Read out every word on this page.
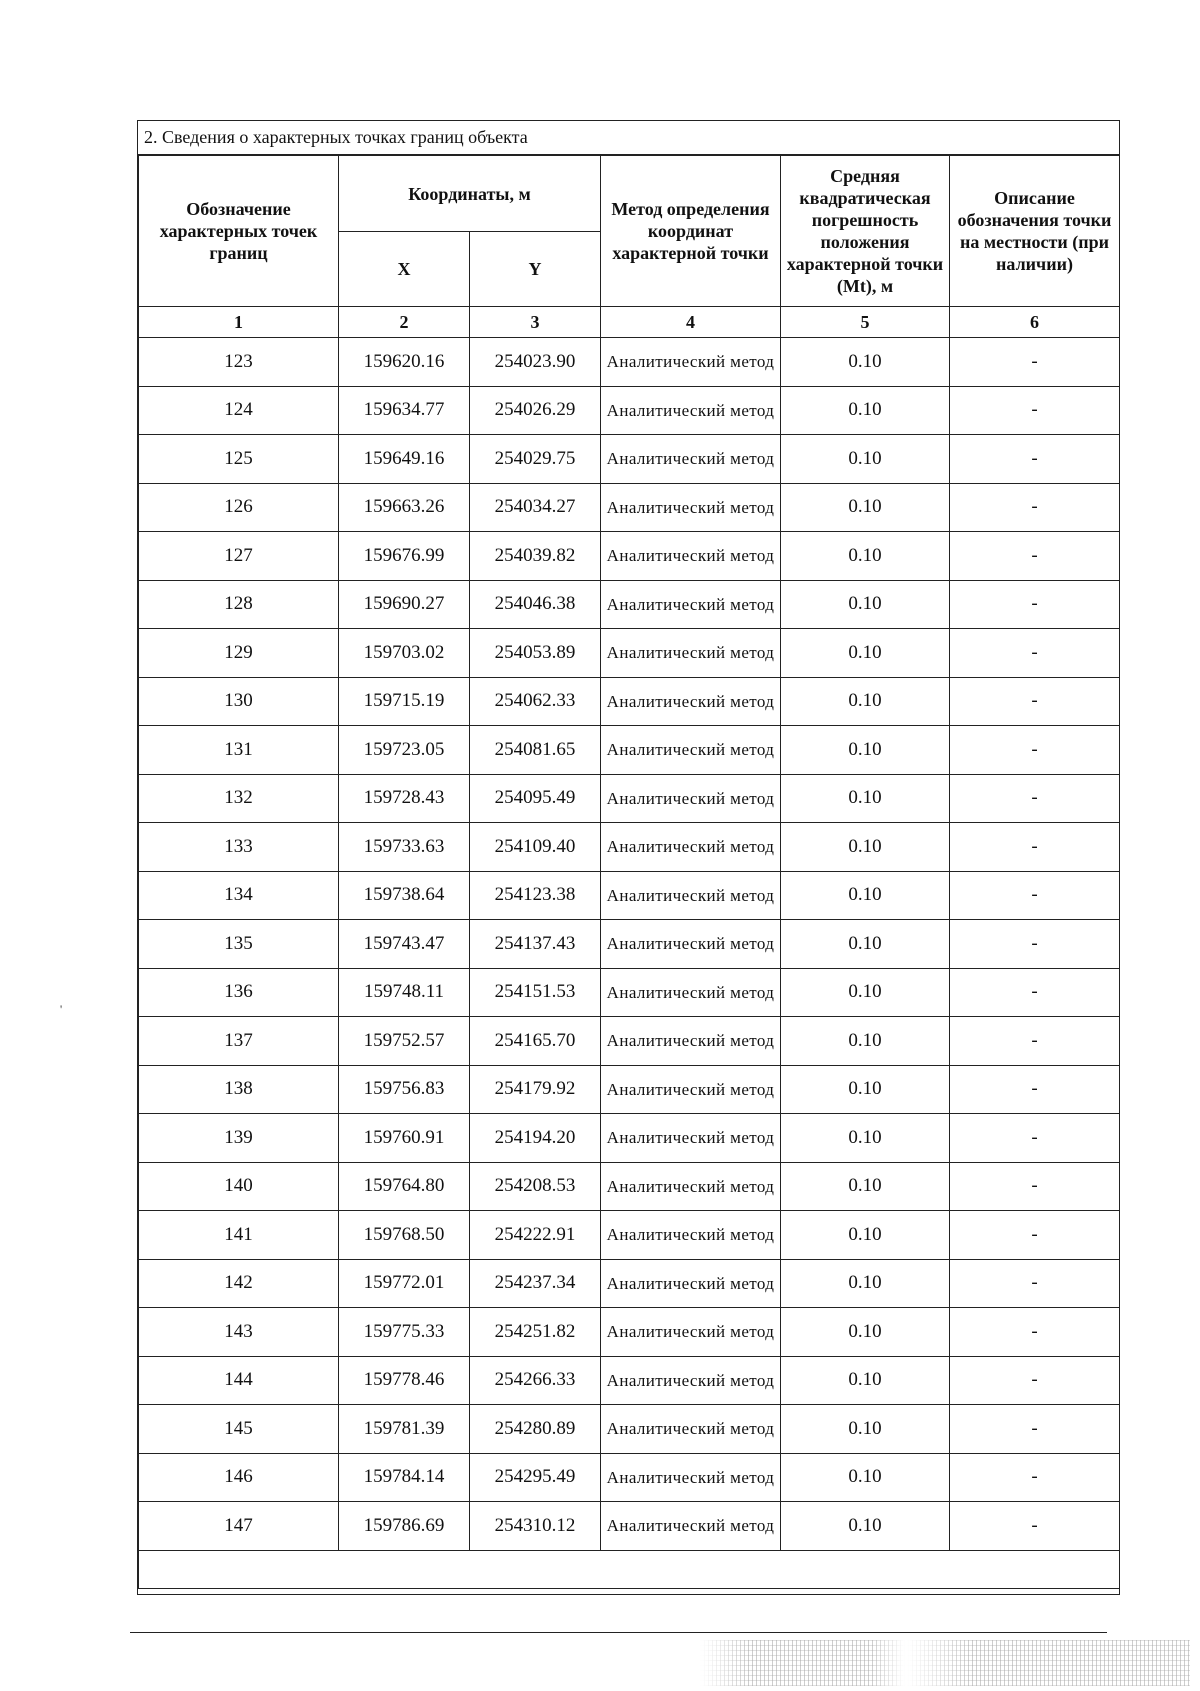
'
2. Сведения о характерных точках границ объекта
Обозначение характерных точек границ	Координаты, м		Метод определения координат характерной точки	Средняя квадратическая погрешность положения характерной точки (Mt), м	Описание обозначения точки на местности (при наличии)
	X	Y			
1	2	3	4	5	6
123	159620.16	254023.90	Аналитический метод	0.10	-
124	159634.77	254026.29	Аналитический метод	0.10	-
125	159649.16	254029.75	Аналитический метод	0.10	-
126	159663.26	254034.27	Аналитический метод	0.10	-
127	159676.99	254039.82	Аналитический метод	0.10	-
128	159690.27	254046.38	Аналитический метод	0.10	-
129	159703.02	254053.89	Аналитический метод	0.10	-
130	159715.19	254062.33	Аналитический метод	0.10	-
131	159723.05	254081.65	Аналитический метод	0.10	-
132	159728.43	254095.49	Аналитический метод	0.10	-
133	159733.63	254109.40	Аналитический метод	0.10	-
134	159738.64	254123.38	Аналитический метод	0.10	-
135	159743.47	254137.43	Аналитический метод	0.10	-
136	159748.11	254151.53	Аналитический метод	0.10	-
137	159752.57	254165.70	Аналитический метод	0.10	-
138	159756.83	254179.92	Аналитический метод	0.10	-
139	159760.91	254194.20	Аналитический метод	0.10	-
140	159764.80	254208.53	Аналитический метод	0.10	-
141	159768.50	254222.91	Аналитический метод	0.10	-
142	159772.01	254237.34	Аналитический метод	0.10	-
143	159775.33	254251.82	Аналитический метод	0.10	-
144	159778.46	254266.33	Аналитический метод	0.10	-
145	159781.39	254280.89	Аналитический метод	0.10	-
146	159784.14	254295.49	Аналитический метод	0.10	-
147	159786.69	254310.12	Аналитический метод	0.10	-
